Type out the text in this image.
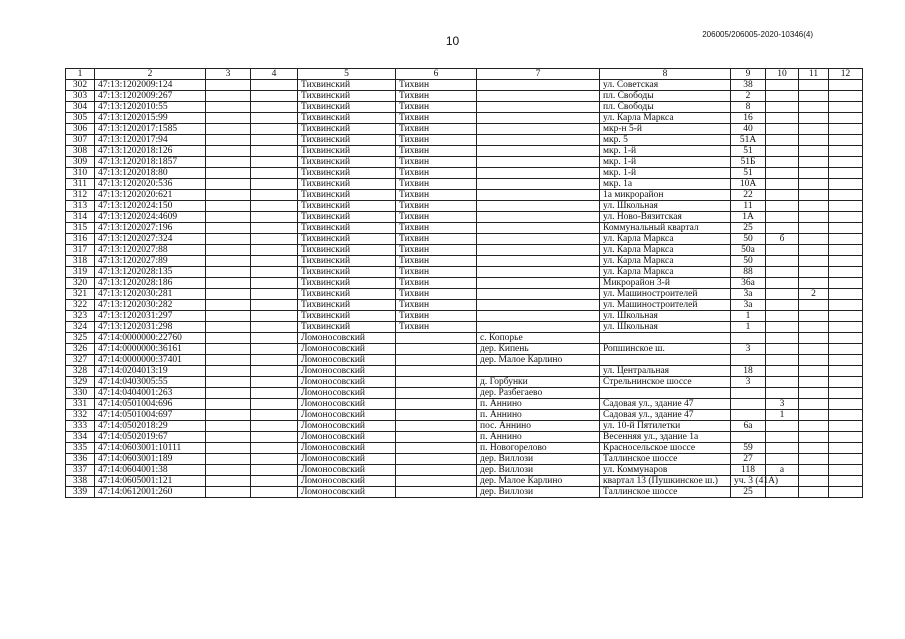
10	206005/206005-2020-10346(4)
1	2	3	4	5	6	7	8	9	10	11	12
302	47:13:1202009:124			Тихвинский	Тихвин		ул. Советская	38			
303	47:13:1202009:267			Тихвинский	Тихвин		пл. Свободы	2			
304	47:13:1202010:55			Тихвинский	Тихвин		пл. Свободы	8			
305	47:13:1202015:99			Тихвинский	Тихвин		ул. Карла Маркса	16			
306	47:13:1202017:1585			Тихвинский	Тихвин		мкр-н 5-й	40			
307	47:13:1202017:94			Тихвинский	Тихвин		мкр. 5	51А			
308	47:13:1202018:126			Тихвинский	Тихвин		мкр. 1-й	51			
309	47:13:1202018:1857			Тихвинский	Тихвин		мкр. 1-й	51Б			
310	47:13:1202018:80			Тихвинский	Тихвин		мкр. 1-й	51			
311	47:13:1202020:536			Тихвинский	Тихвин		мкр. 1а	10А			
312	47:13:1202020:621			Тихвинский	Тихвин		1а микрорайон	22			
313	47:13:1202024:150			Тихвинский	Тихвин		ул. Школьная	11			
314	47:13:1202024:4609			Тихвинский	Тихвин		ул. Ново-Вязитская	1А			
315	47:13:1202027:196			Тихвинский	Тихвин		Коммунальный квартал	25			
316	47:13:1202027:324			Тихвинский	Тихвин		ул. Карла Маркса	50	б		
317	47:13:1202027:88			Тихвинский	Тихвин		ул. Карла Маркса	50а			
318	47:13:1202027:89			Тихвинский	Тихвин		ул. Карла Маркса	50			
319	47:13:1202028:135			Тихвинский	Тихвин		ул. Карла Маркса	88			
320	47:13:1202028:186			Тихвинский	Тихвин		Микрорайон 3-й	36а			
321	47:13:1202030:281			Тихвинский	Тихвин		ул. Машиностроителей	3а		2	
322	47:13:1202030:282			Тихвинский	Тихвин		ул. Машиностроителей	3а			
323	47:13:1202031:297			Тихвинский	Тихвин		ул. Школьная	1			
324	47:13:1202031:298			Тихвинский	Тихвин		ул. Школьная	1			
325	47:14:0000000:22760			Ломоносовский		с. Копорье					
326	47:14:0000000:36161			Ломоносовский		дер. Кипень	Ропшинское ш.	3			
327	47:14:0000000:37401			Ломоносовский		дер. Малое Карлино					
328	47:14:0204013:19			Ломоносовский			ул. Центральная	18			
329	47:14:0403005:55			Ломоносовский		д. Горбунки	Стрельнинское шоссе	3			
330	47:14:0404001:263			Ломоносовский		дер. Разбегаево					
331	47:14:0501004:696			Ломоносовский		п. Аннино	Садовая ул., здание 47		3		
332	47:14:0501004:697			Ломоносовский		п. Аннино	Садовая ул., здание 47		1		
333	47:14:0502018:29			Ломоносовский		пос. Аннино	ул. 10-й Пятилетки	6а			
334	47:14:0502019:67			Ломоносовский		п. Аннино	Весенняя ул., здание 1а				
335	47:14:0603001:10111			Ломоносовский		п. Новогорелово	Красносельское шоссе	59			
336	47:14:0603001:189			Ломоносовский		дер. Виллози	Таллинское шоссе	27			
337	47:14:0604001:38			Ломоносовский		дер. Виллози	ул. Коммунаров	118	а		
338	47:14:0605001:121			Ломоносовский		дер. Малое Карлино	квартал 13 (Пушкинское ш.)	уч. 3 (41А)			
339	47:14:0612001:260			Ломоносовский		дер. Виллози	Таллинское шоссе	25			
